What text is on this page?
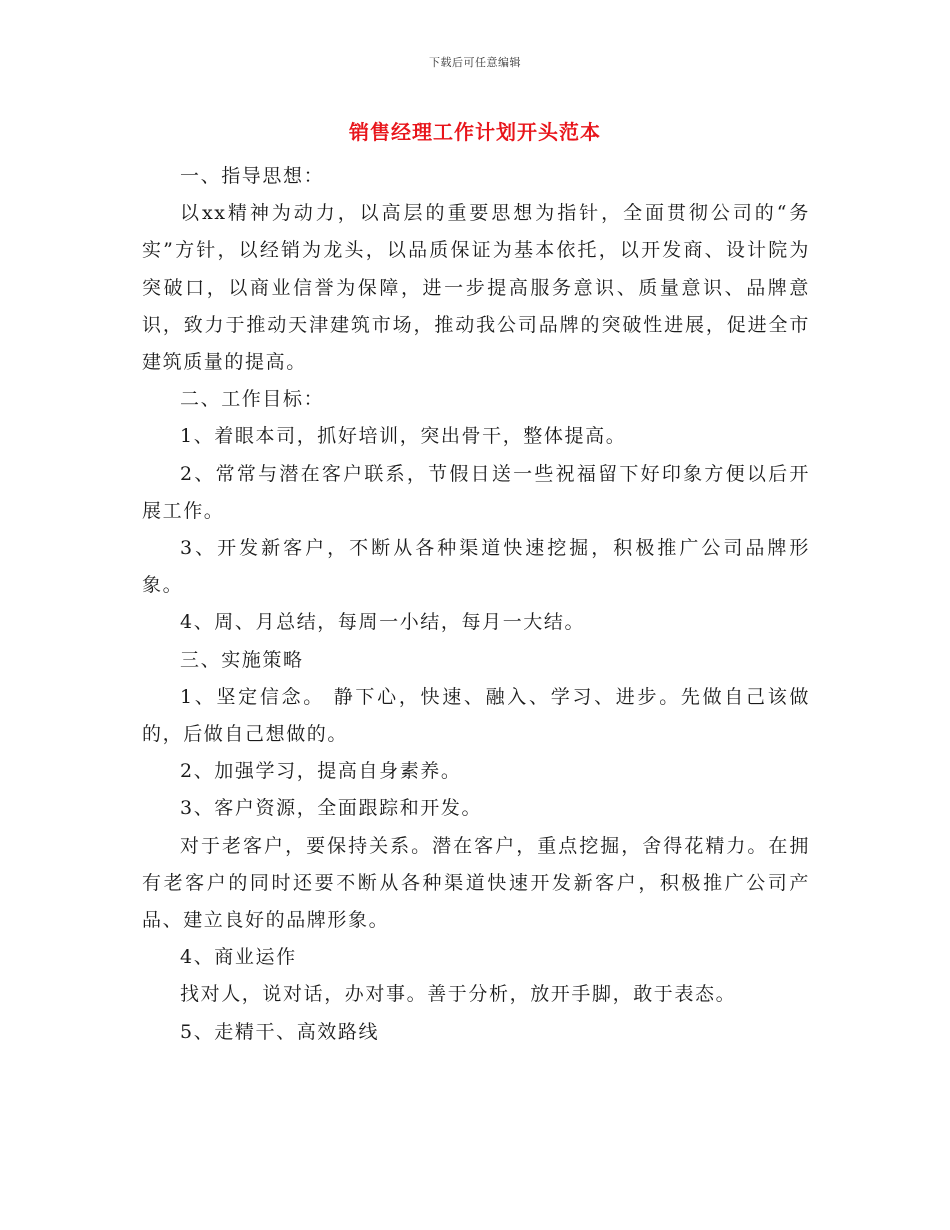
下载后可任意编辑
销售经理工作计划开头范本

一、指导思想：

以xx精神为动力，以高层的重要思想为指针，全面贯彻公司的“务实”方针，以经销为龙头，以品质保证为基本依托，以开发商、设计院为突破口，以商业信誉为保障，进一步提高服务意识、质量意识、品牌意识，致力于推动天津建筑市场，推动我公司品牌的突破性进展，促进全市建筑质量的提高。

二、工作目标：

1、着眼本司，抓好培训，突出骨干，整体提高。

2、常常与潜在客户联系，节假日送一些祝福留下好印象方便以后开展工作。

3、开发新客户，不断从各种渠道快速挖掘，积极推广公司品牌形象。

4、周、月总结，每周一小结，每月一大结。

三、实施策略

1、坚定信念。 静下心，快速、融入、学习、进步。先做自己该做的，后做自己想做的。

2、加强学习，提高自身素养。

3、客户资源，全面跟踪和开发。

对于老客户，要保持关系。潜在客户，重点挖掘，舍得花精力。在拥有老客户的同时还要不断从各种渠道快速开发新客户，积极推广公司产品、建立良好的品牌形象。

4、商业运作

找对人，说对话，办对事。善于分析，放开手脚，敢于表态。

5、走精干、高效路线
